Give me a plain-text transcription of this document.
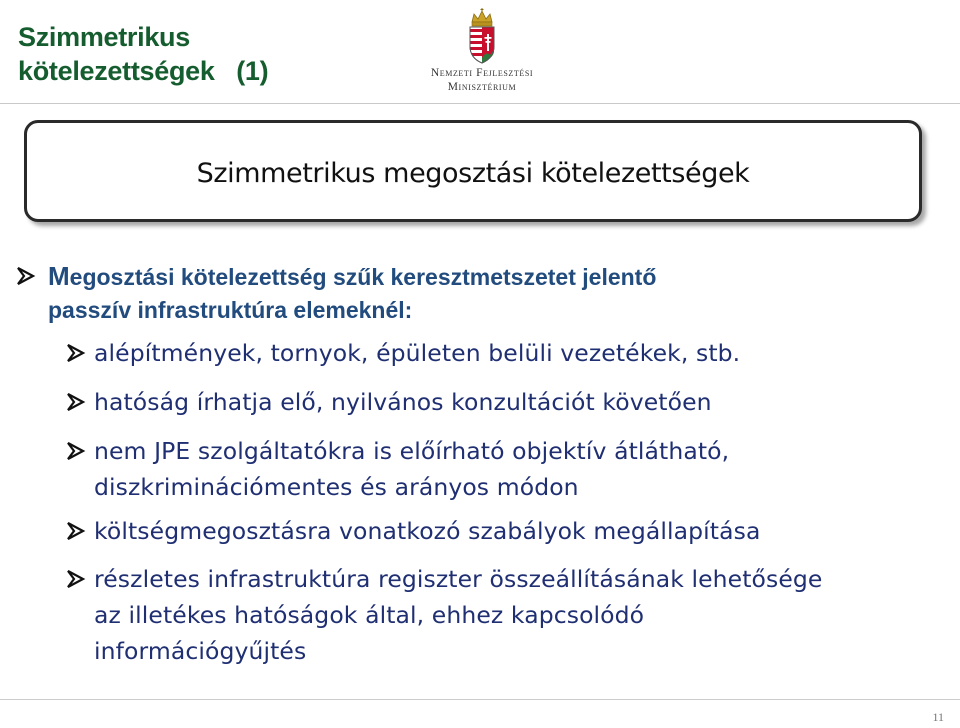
Szimmetrikus
kötelezettségek   (1)	Nemzeti Fejlesztési
Minisztérium
Szimmetrikus megosztási kötelezettségek
Megosztási kötelezettség szűk keresztmetszetet jelentő
passzív infrastruktúra elemeknél:
alépítmények, tornyok, épületen belüli vezetékek, stb.
hatóság írhatja elő, nyilvános konzultációt követően
nem JPE szolgáltatókra is előírható objektív átlátható,
diszkriminációmentes és arányos módon
költségmegosztásra vonatkozó szabályok megállapítása
részletes infrastruktúra regiszter összeállításának lehetősége
az illetékes hatóságok által, ehhez kapcsolódó
információgyűjtés
11
